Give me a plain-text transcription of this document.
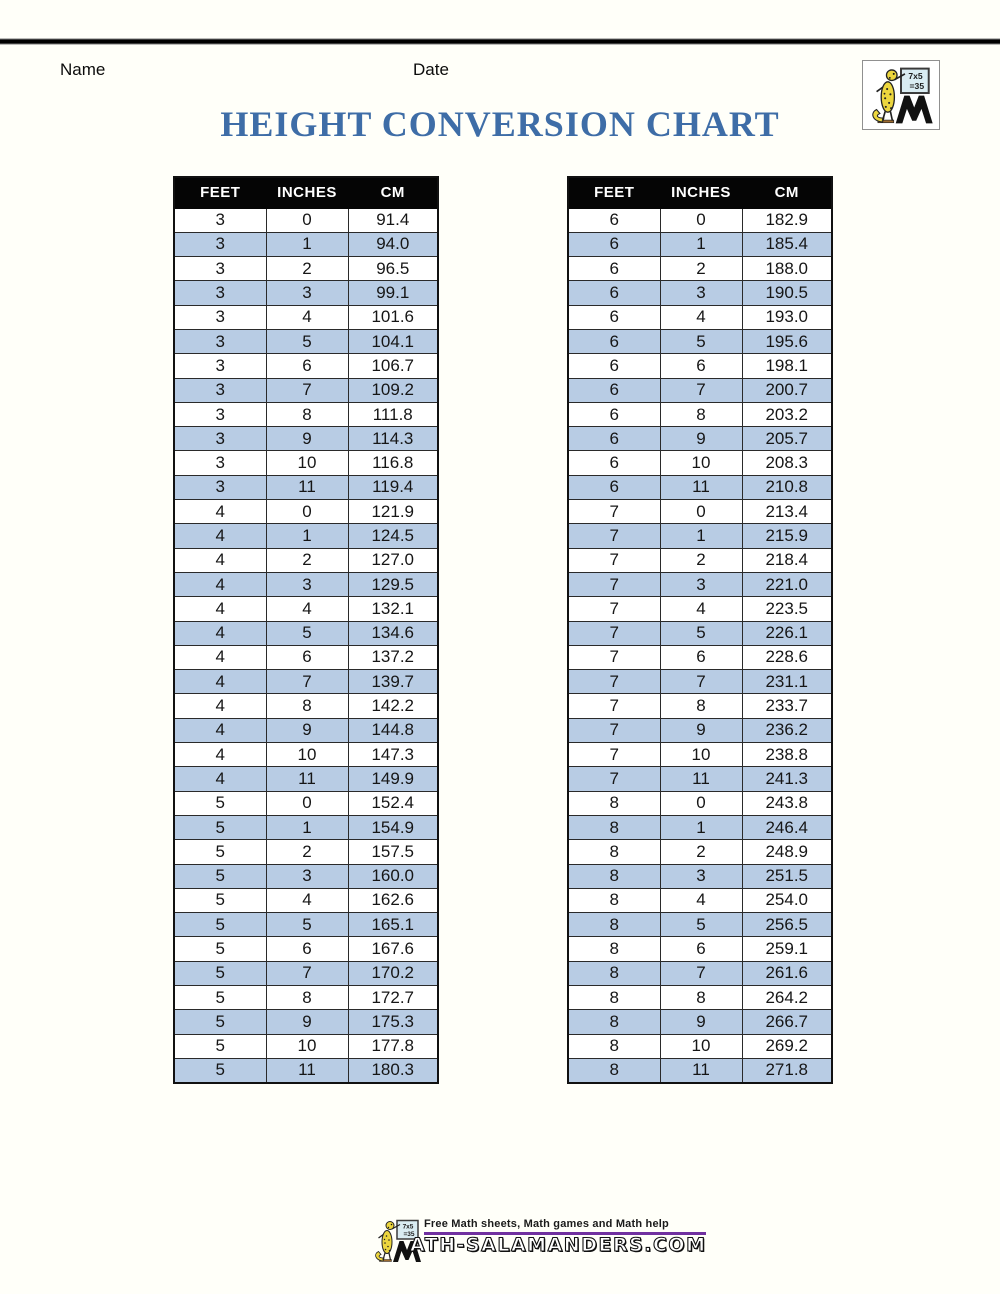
Name	Date
HEIGHT CONVERSION CHART
FEET	INCHES	CM
3	0	91.4
3	1	94.0
3	2	96.5
3	3	99.1
3	4	101.6
3	5	104.1
3	6	106.7
3	7	109.2
3	8	111.8
3	9	114.3
3	10	116.8
3	11	119.4
4	0	121.9
4	1	124.5
4	2	127.0
4	3	129.5
4	4	132.1
4	5	134.6
4	6	137.2
4	7	139.7
4	8	142.2
4	9	144.8
4	10	147.3
4	11	149.9
5	0	152.4
5	1	154.9
5	2	157.5
5	3	160.0
5	4	162.6
5	5	165.1
5	6	167.6
5	7	170.2
5	8	172.7
5	9	175.3
5	10	177.8
5	11	180.3
FEET	INCHES	CM
6	0	182.9
6	1	185.4
6	2	188.0
6	3	190.5
6	4	193.0
6	5	195.6
6	6	198.1
6	7	200.7
6	8	203.2
6	9	205.7
6	10	208.3
6	11	210.8
7	0	213.4
7	1	215.9
7	2	218.4
7	3	221.0
7	4	223.5
7	5	226.1
7	6	228.6
7	7	231.1
7	8	233.7
7	9	236.2
7	10	238.8
7	11	241.3
8	0	243.8
8	1	246.4
8	2	248.9
8	3	251.5
8	4	254.0
8	5	256.5
8	6	259.1
8	7	261.6
8	8	264.2
8	9	266.7
8	10	269.2
8	11	271.8
Free Math sheets, Math games and Math help
ATH-SALAMANDERS.COM
